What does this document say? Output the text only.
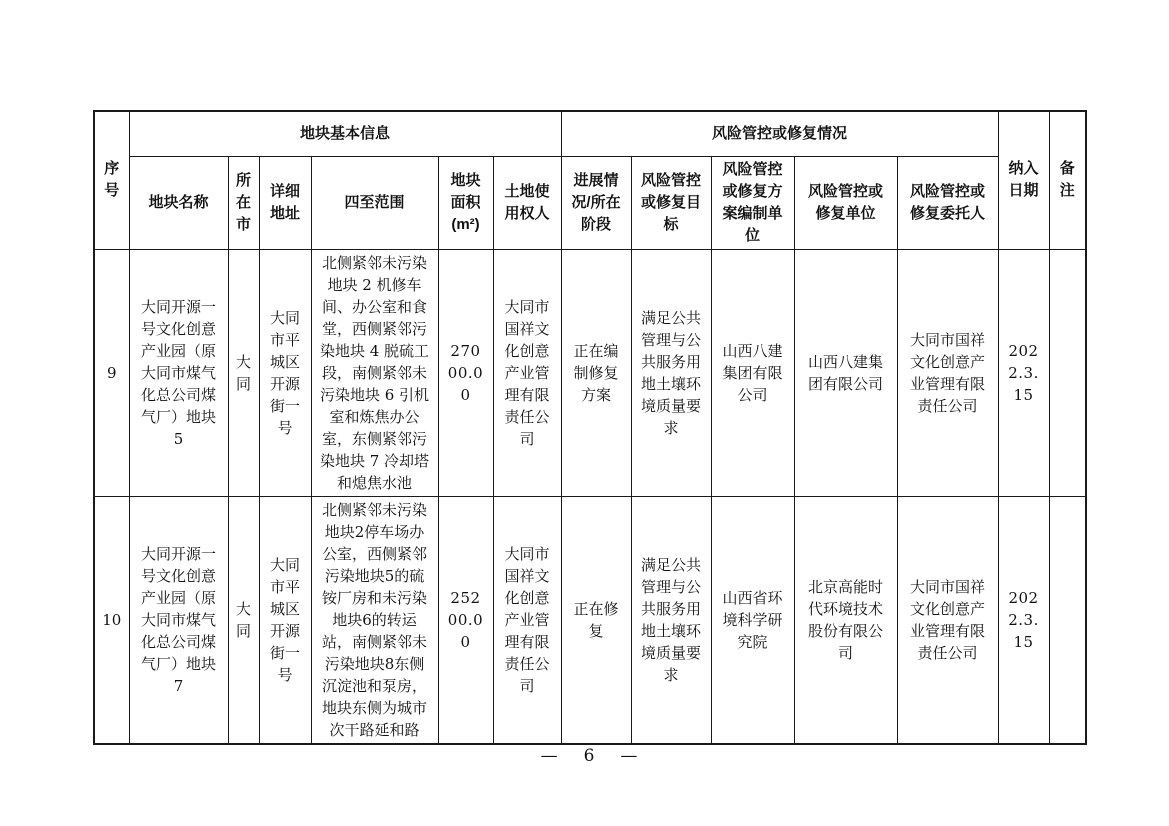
序号	地块基本信息						风险管控或修复情况					纳入日期	备注
	地块名称	所在市	详细地址	四至范围	地块面积(m²)	土地使用权人	进展情况/所在阶段	风险管控或修复目标	风险管控或修复方案编制单位	风险管控或修复单位	风险管控或修复委托人		
9	大同开源一号文化创意产业园（原大同市煤气化总公司煤气厂）地块 5	大同	大同市平城区开源街一号	北侧紧邻未污染地块 2 机修车间、办公室和食堂，西侧紧邻污染地块 4 脱硫工段，南侧紧邻未污染地块 6 引机室和炼焦办公室，东侧紧邻污染地块 7 冷却塔和熄焦水池	27000.00	大同市国祥文化创意产业管理有限责任公司	正在编制修复方案	满足公共管理与公共服务用地土壤环境质量要求	山西八建集团有限公司	山西八建集团有限公司	大同市国祥文化创意产业管理有限责任公司	2022.3.15	
10	大同开源一号文化创意产业园（原大同市煤气化总公司煤气厂）地块 7	大同	大同市平城区开源街一号	北侧紧邻未污染地块2停车场办公室，西侧紧邻污染地块5的硫铵厂房和未污染地块6的转运站，南侧紧邻未污染地块8东侧沉淀池和泵房，地块东侧为城市次干路延和路	25200.00	大同市国祥文化创意产业管理有限责任公司	正在修复	满足公共管理与公共服务用地土壤环境质量要求	山西省环境科学研究院	北京高能时代环境技术股份有限公司	大同市国祥文化创意产业管理有限责任公司	2022.3.15	
— 6 —
